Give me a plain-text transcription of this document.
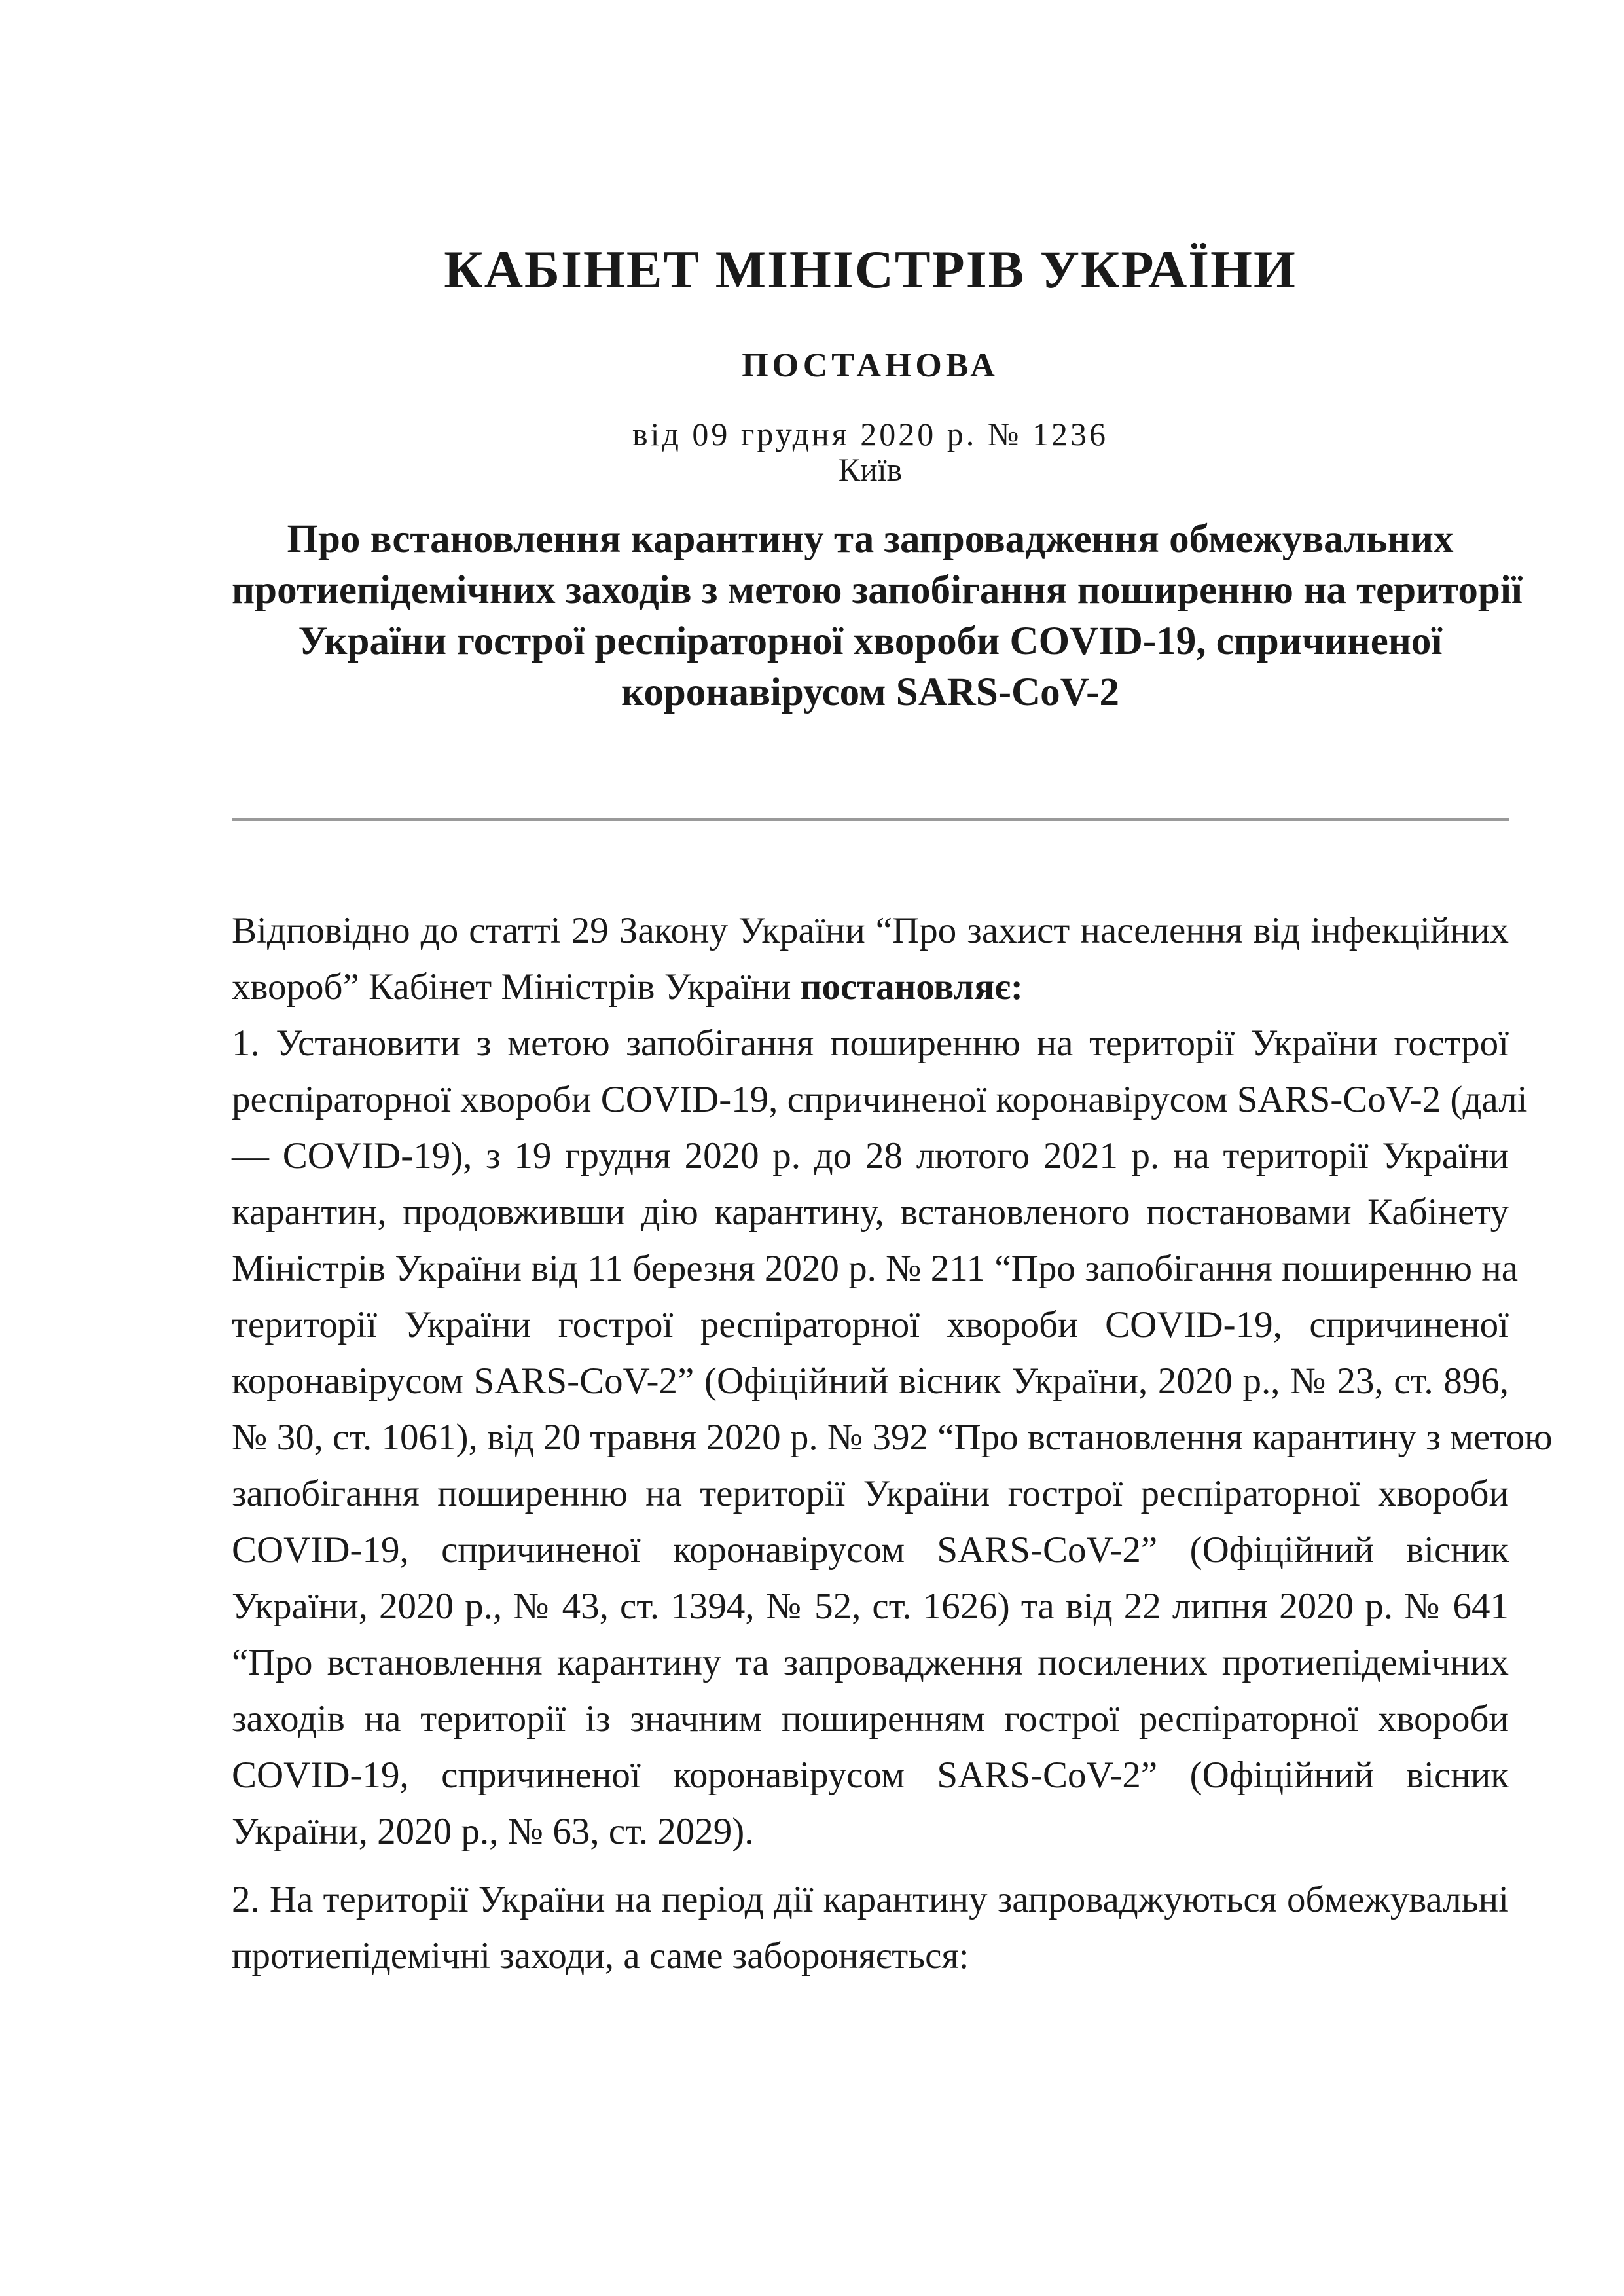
КАБІНЕТ МІНІСТРІВ УКРАЇНИ
ПОСТАНОВА
від 09 грудня 2020 р. № 1236
Київ
Про встановлення карантину та запровадження обмежувальних
протиепідемічних заходів з метою запобігання поширенню на території
України гострої респіраторної хвороби COVID-19, спричиненої
коронавірусом SARS-CoV-2
Відповідно до статті 29 Закону України “Про захист населення від інфекційних
хвороб” Кабінет Міністрів України постановляє:
1. Установити з метою запобігання поширенню на території України гострої
респіраторної хвороби COVID-19, спричиненої коронавірусом SARS-CoV-2 (далі
— COVID-19), з 19 грудня 2020 р. до 28 лютого 2021 р. на території України
карантин, продовживши дію карантину, встановленого постановами Кабінету
Міністрів України від 11 березня 2020 р. № 211 “Про запобігання поширенню на
території України гострої респіраторної хвороби COVID-19, спричиненої
коронавірусом SARS-CoV-2” (Офіційний вісник України, 2020 р., № 23, ст. 896,
№ 30, ст. 1061), від 20 травня 2020 р. № 392 “Про встановлення карантину з метою
запобігання поширенню на території України гострої респіраторної хвороби
COVID-19, спричиненої коронавірусом SARS-CoV-2” (Офіційний вісник
України, 2020 р., № 43, ст. 1394, № 52, ст. 1626) та від 22 липня 2020 р. № 641
“Про встановлення карантину та запровадження посилених протиепідемічних
заходів на території із значним поширенням гострої респіраторної хвороби
COVID-19, спричиненої коронавірусом SARS-CoV-2” (Офіційний вісник
України, 2020 р., № 63, ст. 2029).
2. На території України на період дії карантину запроваджуються обмежувальні
протиепідемічні заходи, а саме забороняється:
